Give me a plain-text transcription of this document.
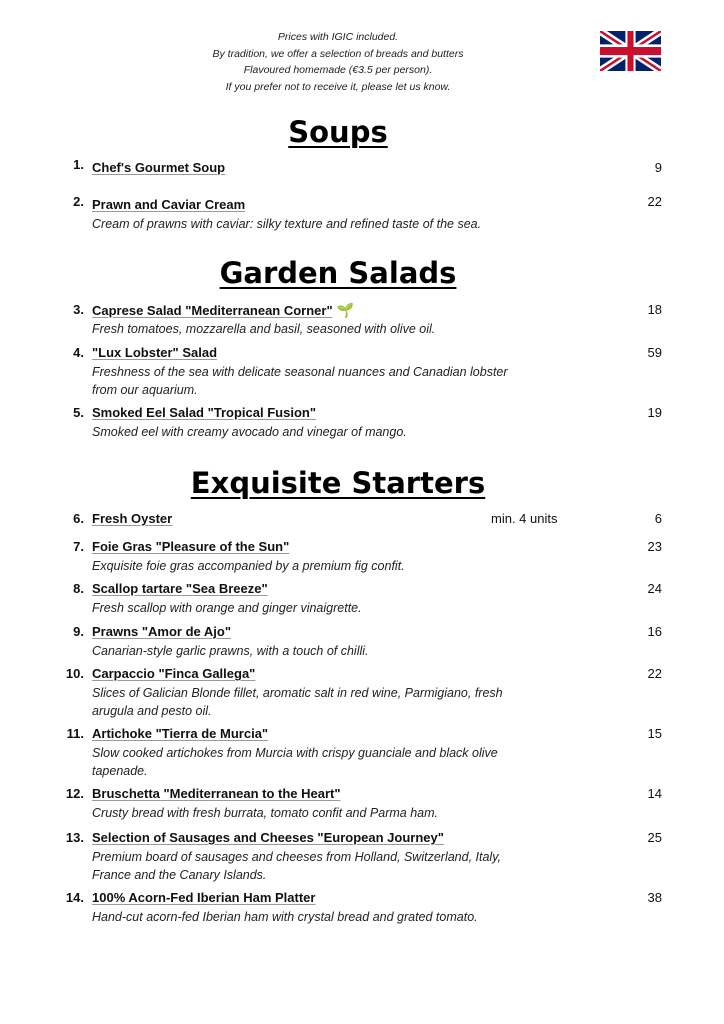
Prices with IGIC included.
By tradition, we offer a selection of breads and butters
Flavoured homemade (€3.5 per person).
If you prefer not to receive it, please let us know.
Soups
Garden Salads
Exquisite Starters
1. Chef's Gourmet Soup	9
2. Prawn and Caviar Cream	22
Cream of prawns with caviar: silky texture and refined taste of the sea.
3. Caprese Salad "Mediterranean Corner" 🌱	18
Fresh tomatoes, mozzarella and basil, seasoned with olive oil.
4. "Lux Lobster" Salad	59
Freshness of the sea with delicate seasonal nuances and Canadian lobster
from our aquarium.
5. Smoked Eel Salad "Tropical Fusion"	19
Smoked eel with creamy avocado and vinegar of mango.
6. Fresh Oyster	min. 4 units	6
7. Foie Gras "Pleasure of the Sun"	23
Exquisite foie gras accompanied by a premium fig confit.
8. Scallop tartare "Sea Breeze"	24
Fresh scallop with orange and ginger vinaigrette.
9. Prawns "Amor de Ajo"	16
Canarian-style garlic prawns, with a touch of chilli.
10. Carpaccio "Finca Gallega"	22
Slices of Galician Blonde fillet, aromatic salt in red wine, Parmigiano, fresh
arugula and pesto oil.
11. Artichoke "Tierra de Murcia"	15
Slow cooked artichokes from Murcia with crispy guanciale and black olive
tapenade.
12. Bruschetta "Mediterranean to the Heart"	14
Crusty bread with fresh burrata, tomato confit and Parma ham.
13. Selection of Sausages and Cheeses "European Journey"	25
Premium board of sausages and cheeses from Holland, Switzerland, Italy,
France and the Canary Islands.
14. 100% Acorn-Fed Iberian Ham Platter	38
Hand-cut acorn-fed Iberian ham with crystal bread and grated tomato.
